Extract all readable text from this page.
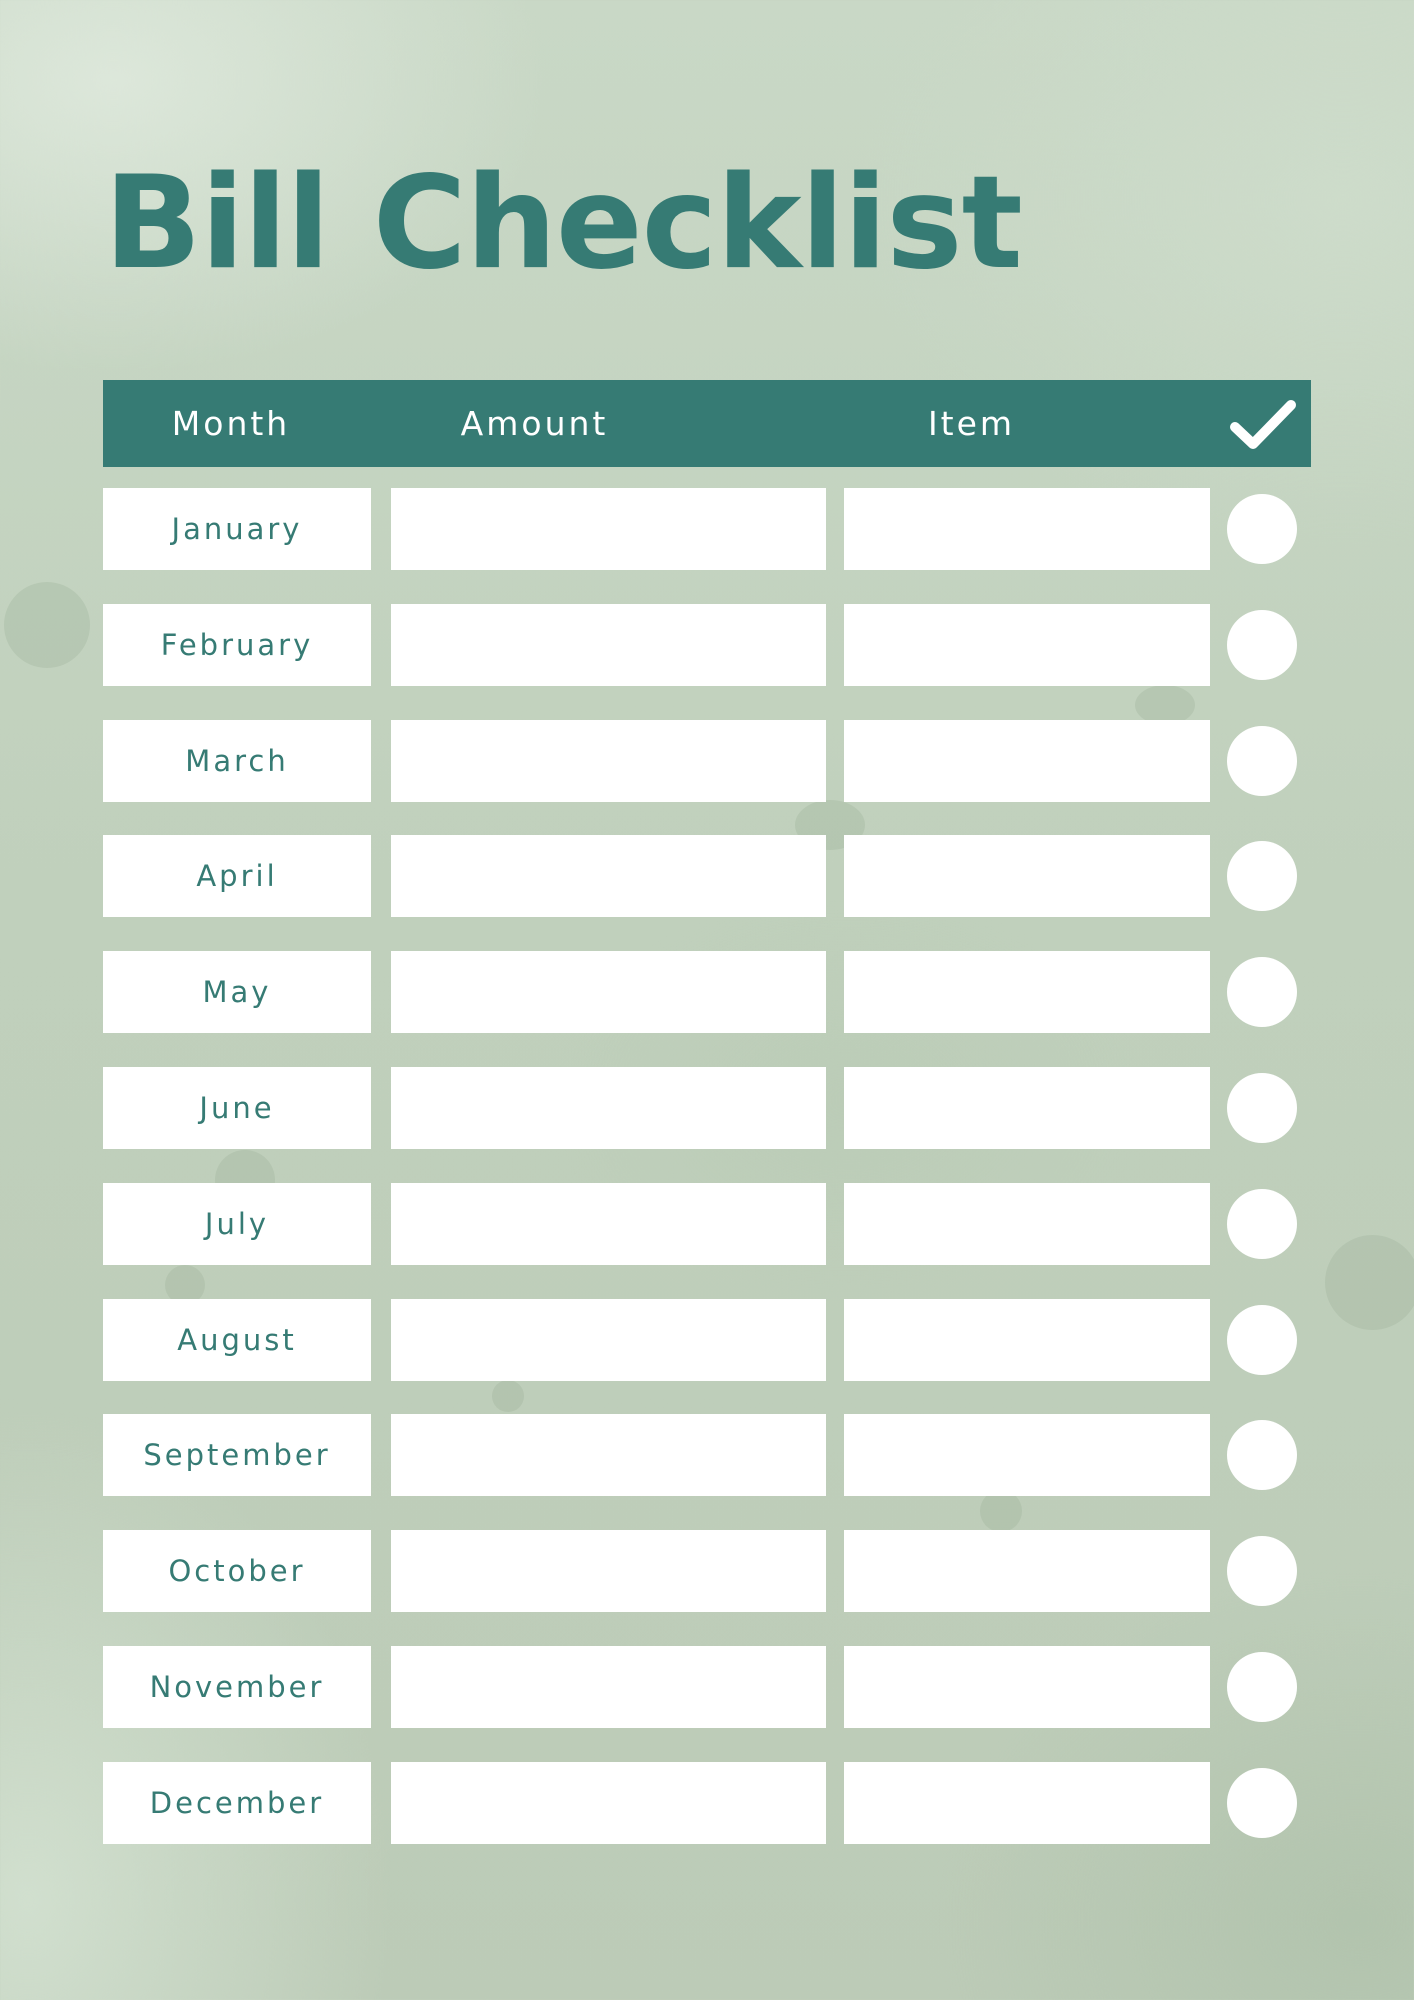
Bill Checklist
Month	Amount	Item
January
February
March
April
May
June
July
August
September
October
November
December
